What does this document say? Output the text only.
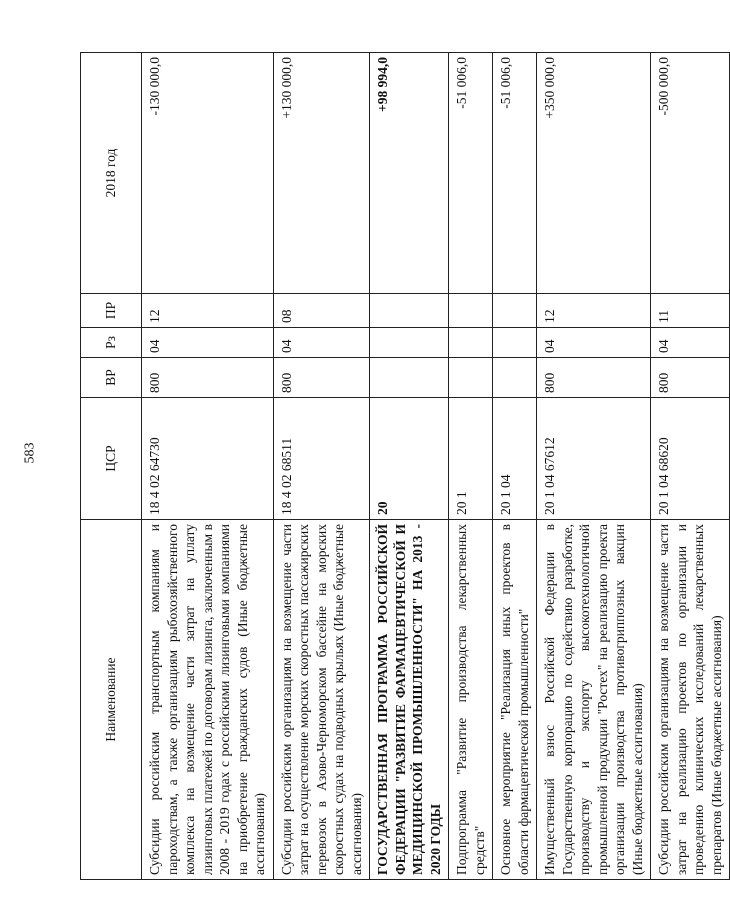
583
Наименование	ЦСР	ВР	Рз	ПР	2018 год
Субсидии российским транспортным компаниям и пароходствам, а также организациям рыбохозяйственного комплекса на возмещение части затрат на уплату лизинговых платежей по договорам лизинга, заключенным в 2008 - 2019 годах с российскими лизинговыми компаниями на приобретение гражданских судов (Иные бюджетные ассигнования)	18 4 02 64730	800	04	12	-130 000,0
Субсидии российским организациям на возмещение части затрат на осуществление морских скоростных пассажирских перевозок в Азово-Черноморском бассейне на морских скоростных судах на подводных крыльях (Иные бюджетные ассигнования)	18 4 02 68511	800	04	08	+130 000,0
ГОСУДАРСТВЕННАЯ ПРОГРАММА РОССИЙСКОЙ ФЕДЕРАЦИИ "РАЗВИТИЕ ФАРМАЦЕВТИЧЕСКОЙ И МЕДИЦИНСКОЙ ПРОМЫШЛЕННОСТИ" НА 2013 - 2020 ГОДЫ	20				+98 994,0
Подпрограмма "Развитие производства лекарственных средств"	20 1				-51 006,0
Основное мероприятие "Реализация иных проектов в области фармацевтической промышленности"	20 1 04				-51 006,0
Имущественный взнос Российской Федерации в Государственную корпорацию по содействию разработке, производству и экспорту высокотехнологичной промышленной продукции "Ростех" на реализацию проекта организации производства противогриппозных вакцин (Иные бюджетные ассигнования)	20 1 04 67612	800	04	12	+350 000,0
Субсидии российским организациям на возмещение части затрат на реализацию проектов по организации и проведению клинических исследований лекарственных препаратов (Иные бюджетные ассигнования)	20 1 04 68620	800	04	11	-500 000,0
